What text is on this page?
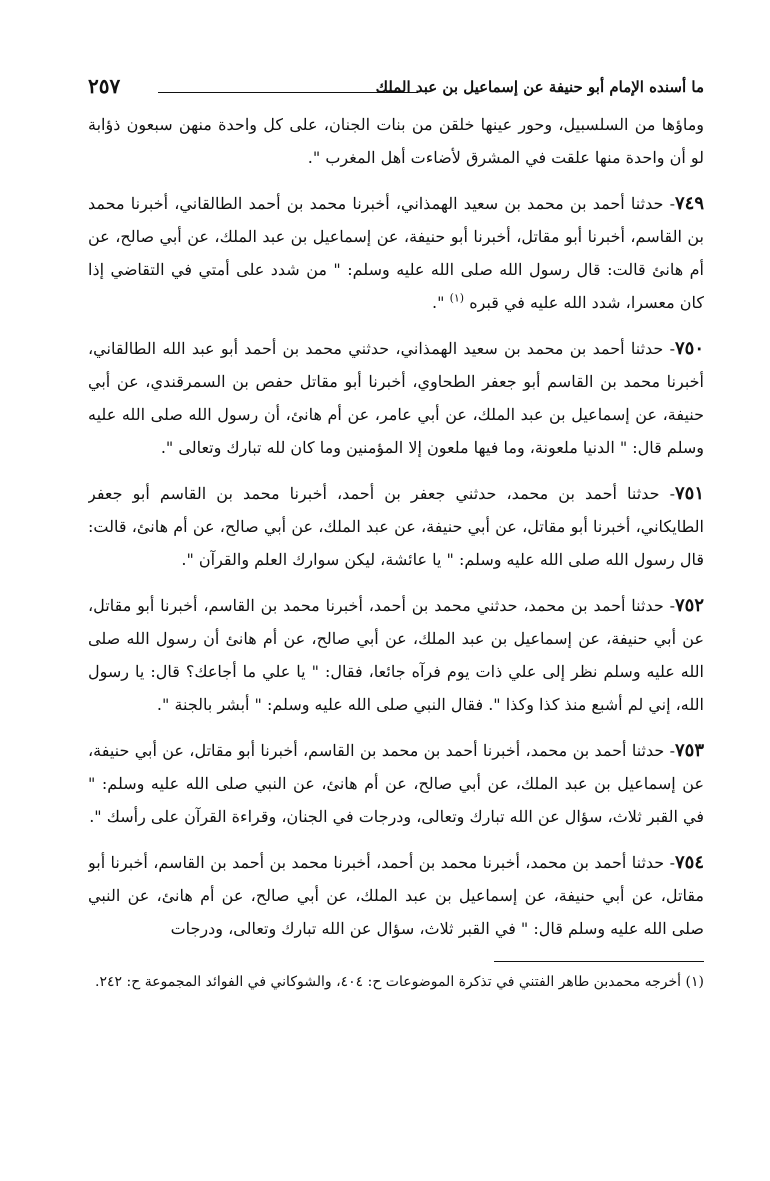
ما أسنده الإمام أبو حنيفة عن إسماعيل بن عبد الملك
٢٥٧

وماؤها من السلسبيل، وحور عينها خلقن من بنات الجنان، على كل واحدة منهن سبعون ذؤابة لو أن واحدة منها علقت في المشرق لأضاءت أهل المغرب ".

٧٤٩- حدثنا أحمد بن محمد بن سعيد الهمذاني، أخبرنا محمد بن أحمد الطالقاني، أخبرنا محمد بن القاسم، أخبرنا أبو مقاتل، أخبرنا أبو حنيفة، عن إسماعيل بن عبد الملك، عن أبي صالح، عن أم هانئ قالت: قال رسول الله صلى الله عليه وسلم: " من شدد على أمتي في التقاضي إذا كان معسرا، شدد الله عليه في قبره $^{(١)}$ ".

٧٥٠- حدثنا أحمد بن محمد بن سعيد الهمذاني، حدثني محمد بن أحمد أبو عبد الله الطالقاني، أخبرنا محمد بن القاسم أبو جعفر الطحاوي، أخبرنا أبو مقاتل حفص بن السمرقندي، عن أبي حنيفة، عن إسماعيل بن عبد الملك، عن أبي عامر، عن أم هانئ، أن رسول الله صلى الله عليه وسلم قال: " الدنيا ملعونة، وما فيها ملعون إلا المؤمنين وما كان لله تبارك وتعالى ".

٧٥١- حدثنا أحمد بن محمد، حدثني جعفر بن أحمد، أخبرنا محمد بن القاسم أبو جعفر الطايكاني، أخبرنا أبو مقاتل، عن أبي حنيفة، عن عبد الملك، عن أبي صالح، عن أم هانئ، قالت: قال رسول الله صلى الله عليه وسلم: " يا عائشة، ليكن سوارك العلم والقرآن ".

٧٥٢- حدثنا أحمد بن محمد، حدثني محمد بن أحمد، أخبرنا محمد بن القاسم، أخبرنا أبو مقاتل، عن أبي حنيفة، عن إسماعيل بن عبد الملك، عن أبي صالح، عن أم هانئ أن رسول الله صلى الله عليه وسلم نظر إلى علي ذات يوم فرآه جائعا، فقال: " يا علي ما أجاعك؟ قال: يا رسول الله، إني لم أشبع منذ كذا وكذا ". فقال النبي صلى الله عليه وسلم: " أبشر بالجنة ".

٧٥٣- حدثنا أحمد بن محمد، أخبرنا أحمد بن محمد بن القاسم، أخبرنا أبو مقاتل، عن أبي حنيفة، عن إسماعيل بن عبد الملك، عن أبي صالح، عن أم هانئ، عن النبي صلى الله عليه وسلم: " في القبر ثلاث، سؤال عن الله تبارك وتعالى، ودرجات في الجنان، وقراءة القرآن على رأسك ".

٧٥٤- حدثنا أحمد بن محمد، أخبرنا محمد بن أحمد، أخبرنا محمد بن أحمد بن القاسم، أخبرنا أبو مقاتل، عن أبي حنيفة، عن إسماعيل بن عبد الملك، عن أبي صالح، عن أم هانئ، عن النبي صلى الله عليه وسلم قال: " في القبر ثلاث، سؤال عن الله تبارك وتعالى، ودرجات

(١) أخرجه محمدبن طاهر الفتني في تذكرة الموضوعات ح: ٤٠٤، والشوكاني في الفوائد المجموعة ح: ٢٤٢.
